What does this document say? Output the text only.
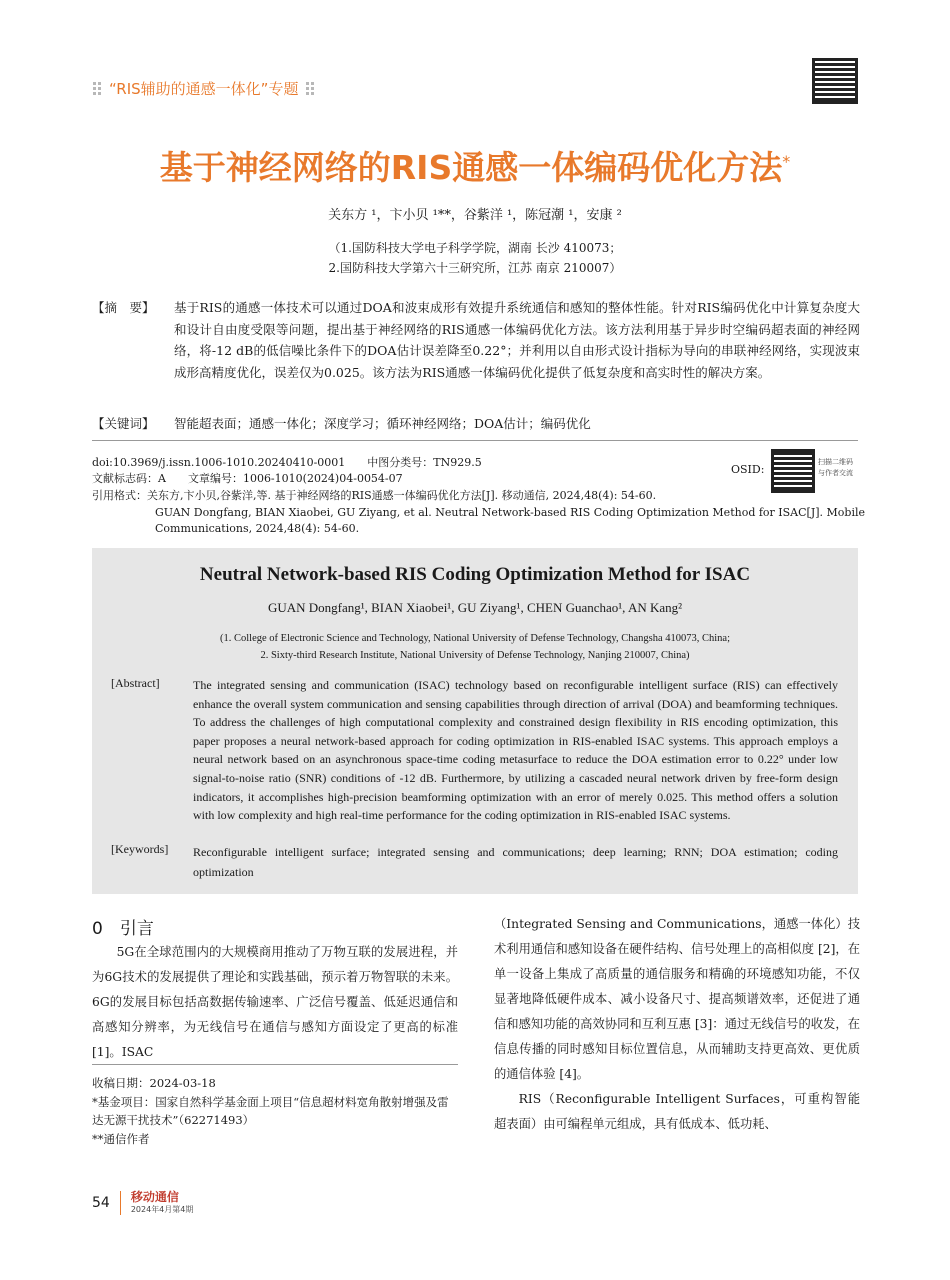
“RIS辅助的通感一体化”专题
基于神经网络的RIS通感一体编码优化方法*
关东方 ¹，卞小贝 ¹**，谷紫洋 ¹，陈冠潮 ¹，安康 ²
（1.国防科技大学电子科学学院，湖南 长沙 410073；
2.国防科技大学第六十三研究所，江苏 南京 210007）
【摘　要】	基于RIS的通感一体技术可以通过DOA和波束成形有效提升系统通信和感知的整体性能。针对RIS编码优化中计算复杂度大和设计自由度受限等问题，提出基于神经网络的RIS通感一体编码优化方法。该方法利用基于异步时空编码超表面的神经网络，将-12 dB的低信噪比条件下的DOA估计误差降至0.22°；并利用以自由形式设计指标为导向的串联神经网络，实现波束成形高精度优化，误差仅为0.025。该方法为RIS通感一体编码优化提供了低复杂度和高实时性的解决方案。
【关键词】 智能超表面；通感一体化；深度学习；循环神经网络；DOA估计；编码优化
doi:10.3969/j.issn.1006-1010.20240410-0001　　中图分类号：TN929.5
文献标志码：A　　文章编号：1006-1010(2024)04-0054-07
引用格式：关东方,卞小贝,谷紫洋,等. 基于神经网络的RIS通感一体编码优化方法[J]. 移动通信, 2024,48(4): 54-60.
GUAN Dongfang, BIAN Xiaobei, GU Ziyang, et al. Neutral Network-based RIS Coding Optimization Method for ISAC[J]. Mobile
Communications, 2024,48(4): 54-60.
OSID:
扫描二维码
与作者交流
Neutral Network-based RIS Coding Optimization Method for ISAC
GUAN Dongfang¹, BIAN Xiaobei¹, GU Ziyang¹, CHEN Guanchao¹, AN Kang²
(1. College of Electronic Science and Technology, National University of Defense Technology, Changsha 410073, China;
2. Sixty-third Research Institute, National University of Defense Technology, Nanjing 210007, China)
[Abstract]	The integrated sensing and communication (ISAC) technology based on reconfigurable intelligent surface (RIS) can effectively enhance the overall system communication and sensing capabilities through direction of arrival (DOA) and beamforming techniques. To address the challenges of high computational complexity and constrained design flexibility in RIS encoding optimization, this paper proposes a neural network-based approach for coding optimization in RIS-enabled ISAC systems. This approach employs a neural network based on an asynchronous space-time coding metasurface to reduce the DOA estimation error to 0.22° under low signal-to-noise ratio (SNR) conditions of -12 dB. Furthermore, by utilizing a cascaded neural network driven by free-form design indicators, it accomplishes high-precision beamforming optimization with an error of merely 0.025. This method offers a solution with low complexity and high real-time performance for the coding optimization in RIS-enabled ISAC systems.
[Keywords] Reconfigurable intelligent surface; integrated sensing and communications; deep learning; RNN; DOA estimation; coding optimization
0　引言
5G在全球范围内的大规模商用推动了万物互联的发展进程，并为6G技术的发展提供了理论和实践基础，预示着万物智联的未来。6G的发展目标包括高数据传输速率、广泛信号覆盖、低延迟通信和高感知分辨率，为无线信号在通信与感知方面设定了更高的标准 [1]。ISAC
收稿日期：2024-03-18
*基金项目：国家自然科学基金面上项目“信息超材料宽角散射增强及雷达无源干扰技术”（62271493）
**通信作者

（Integrated Sensing and Communications，通感一体化）技术利用通信和感知设备在硬件结构、信号处理上的高相似度 [2]，在单一设备上集成了高质量的通信服务和精确的环境感知功能，不仅显著地降低硬件成本、减小设备尺寸、提高频谱效率，还促进了通信和感知功能的高效协同和互利互惠 [3]：通过无线信号的收发，在信息传播的同时感知目标位置信息，从而辅助支持更高效、更优质的通信体验 [4]。

RIS（Reconfigurable Intelligent Surfaces，可重构智能超表面）由可编程单元组成，具有低成本、低功耗、

54 移动通信
2024年4月第4期
